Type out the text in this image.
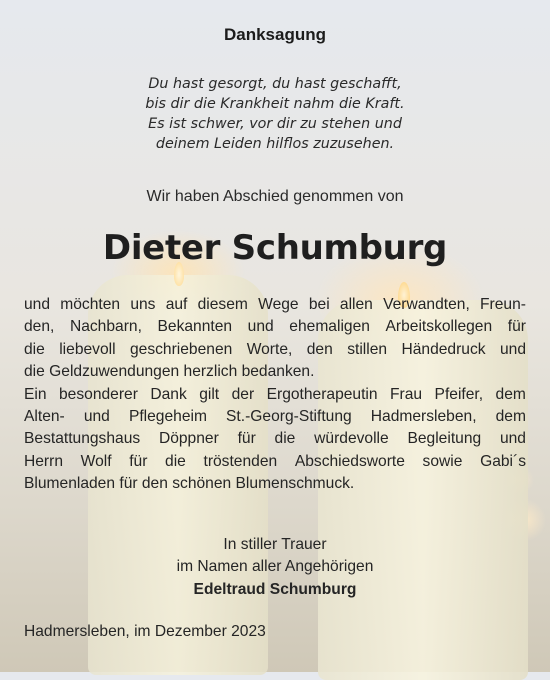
Danksagung
Du hast gesorgt, du hast geschafft,
bis dir die Krankheit nahm die Kraft.
Es ist schwer, vor dir zu stehen und
deinem Leiden hilflos zuzusehen.
Wir haben Abschied genommen von
Dieter Schumburg
und möchten uns auf diesem Wege bei allen Verwandten, Freun-
den, Nachbarn, Bekannten und ehemaligen Arbeitskollegen für
die liebevoll geschriebenen Worte, den stillen Händedruck und
die Geldzuwendungen herzlich bedanken.
Ein besonderer Dank gilt der Ergotherapeutin Frau Pfeifer, dem
Alten- und Pflegeheim St.-Georg-Stiftung Hadmersleben, dem
Bestattungshaus Döppner für die würdevolle Begleitung und
Herrn Wolf für die tröstenden Abschiedsworte sowie Gabi´s
Blumenladen für den schönen Blumenschmuck.
In stiller Trauer
im Namen aller Angehörigen
Edeltraud Schumburg
Hadmersleben, im Dezember 2023
